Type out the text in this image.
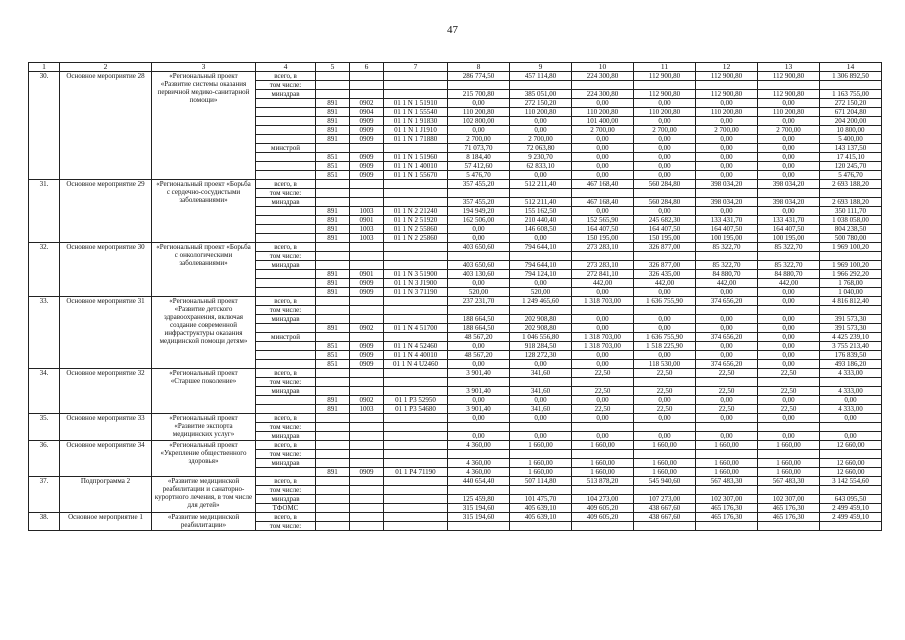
47
1	2	3	4	5	6	7	8	9	10	11	12	13	14
30.	Основное мероприятие 28	«Региональный проект «Развитие системы оказания первичной медико-санитарной помощи»	всего, в				286 774,50	457 114,80	224 300,80	112 900,80	112 900,80	112 900,80	1 306 892,50
			том числе:										
			минздрав				215 700,80	385 051,00	224 300,80	112 900,80	112 900,80	112 900,80	1 163 755,00
				891	0902	01 1 N 1 51910	0,00	272 150,20	0,00	0,00	0,00	0,00	272 150,20
				891	0904	01 1 N 1 55540	110 200,80	110 200,80	110 200,80	110 200,80	110 200,80	110 200,80	671 204,80
				891	0909	01 1 N 1 91830	102 800,00	0,00	101 400,00	0,00	0,00	0,00	204 200,00
				891	0909	01 1 N 1 J1910	0,00	0,00	2 700,00	2 700,00	2 700,00	2 700,00	10 800,00
				891	0909	01 1 N 1 71880	2 700,00	2 700,00	0,00	0,00	0,00	0,00	5 400,00
			минстрой				71 073,70	72 063,80	0,00	0,00	0,00	0,00	143 137,50
				851	0909	01 1 N 1 51960	8 184,40	9 230,70	0,00	0,00	0,00	0,00	17 415,10
				851	0909	01 1 N 1 40010	57 412,60	62 833,10	0,00	0,00	0,00	0,00	120 245,70
				851	0909	01 1 N 1 55670	5 476,70	0,00	0,00	0,00	0,00	0,00	5 476,70
31.	Основное мероприятие 29	«Региональный проект «Борьба с сердечно-сосудистыми заболеваниями»	всего, в				357 455,20	512 211,40	467 168,40	560 284,80	398 034,20	398 034,20	2 693 188,20
			том числе:										
			минздрав				357 455,20	512 211,40	467 168,40	560 284,80	398 034,20	398 034,20	2 693 188,20
				891	1003	01 1 N 2 21240	194 949,20	155 162,50	0,00	0,00	0,00	0,00	350 111,70
				891	0901	01 1 N 2 51920	162 506,00	210 440,40	152 565,90	245 682,30	133 431,70	133 431,70	1 038 058,00
				891	1003	01 1 N 2 55860	0,00	146 608,50	164 407,50	164 407,50	164 407,50	164 407,50	804 238,50
				891	1003	01 1 N 2 25860	0,00	0,00	150 195,00	150 195,00	100 195,00	100 195,00	500 780,00
32.	Основное мероприятие 30	«Региональный проект «Борьба с онкологическими заболеваниями»	всего, в				403 650,60	794 644,10	273 283,10	326 877,00	85 322,70	85 322,70	1 969 100,20
			том числе:										
			минздрав				403 650,60	794 644,10	273 283,10	326 877,00	85 322,70	85 322,70	1 969 100,20
				891	0901	01 1 N 3 51900	403 130,60	794 124,10	272 841,10	326 435,00	84 880,70	84 880,70	1 966 292,20
				891	0909	01 1 N 3 J1900	0,00	0,00	442,00	442,00	442,00	442,00	1 768,00
				891	0909	01 1 N 3 71190	520,00	520,00	0,00	0,00	0,00	0,00	1 040,00
33.	Основное мероприятие 31	«Региональный проект «Развитие детского здравоохранения, включая создание современной инфраструктуры оказания медицинской помощи детям»	всего, в				237 231,70	1 249 465,60	1 318 703,00	1 636 755,90	374 656,20	0,00	4 816 812,40
			том числе:										
			минздрав				188 664,50	202 908,80	0,00	0,00	0,00	0,00	391 573,30
				891	0902	01 1 N 4 51700	188 664,50	202 908,80	0,00	0,00	0,00	0,00	391 573,30
			минстрой				48 567,20	1 046 556,80	1 318 703,00	1 636 755,90	374 656,20	0,00	4 425 239,10
				851	0909	01 1 N 4 52460	0,00	918 284,50	1 318 703,00	1 518 225,90	0,00	0,00	3 755 213,40
				851	0909	01 1 N 4 40010	48 567,20	128 272,30	0,00	0,00	0,00	0,00	176 839,50
				851	0909	01 1 N 4 U2460	0,00	0,00	0,00	118 530,00	374 656,20	0,00	493 186,20
34.	Основное мероприятие 32	«Региональный проект «Старшее поколение»	всего, в				3 901,40	341,60	22,50	22,50	22,50	22,50	4 333,00
			том числе:										
			минздрав				3 901,40	341,60	22,50	22,50	22,50	22,50	4 333,00
				891	0902	01 1 P3 52950	0,00	0,00	0,00	0,00	0,00	0,00	0,00
				891	1003	01 1 P3 54680	3 901,40	341,60	22,50	22,50	22,50	22,50	4 333,00
35.	Основное мероприятие 33	«Региональный проект «Развитие экспорта медицинских услуг»	всего, в				0,00	0,00	0,00	0,00	0,00	0,00	0,00
			том числе:										
			минздрав				0,00	0,00	0,00	0,00	0,00	0,00	0,00
36.	Основное мероприятие 34	«Региональный проект «Укрепление общественного здоровья»	всего, в				4 360,00	1 660,00	1 660,00	1 660,00	1 660,00	1 660,00	12 660,00
			том числе:										
			минздрав				4 360,00	1 660,00	1 660,00	1 660,00	1 660,00	1 660,00	12 660,00
				891	0909	01 1 P4 71190	4 360,00	1 660,00	1 660,00	1 660,00	1 660,00	1 660,00	12 660,00
37.	Подпрограмма 2	«Развитие медицинской реабилитации и санаторно-курортного лечения, в том числе для детей»	всего, в				440 654,40	507 114,80	513 878,20	545 940,60	567 483,30	567 483,30	3 142 554,60
			том числе:										
			минздрав				125 459,80	101 475,70	104 273,00	107 273,00	102 307,00	102 307,00	643 095,50
			ТФОМС				315 194,60	405 639,10	409 605,20	438 667,60	465 176,30	465 176,30	2 499 459,10
38.	Основное мероприятие 1	«Развитие медицинской реабилитации»	всего, в				315 194,60	405 639,10	409 605,20	438 667,60	465 176,30	465 176,30	2 499 459,10
			том числе:										
